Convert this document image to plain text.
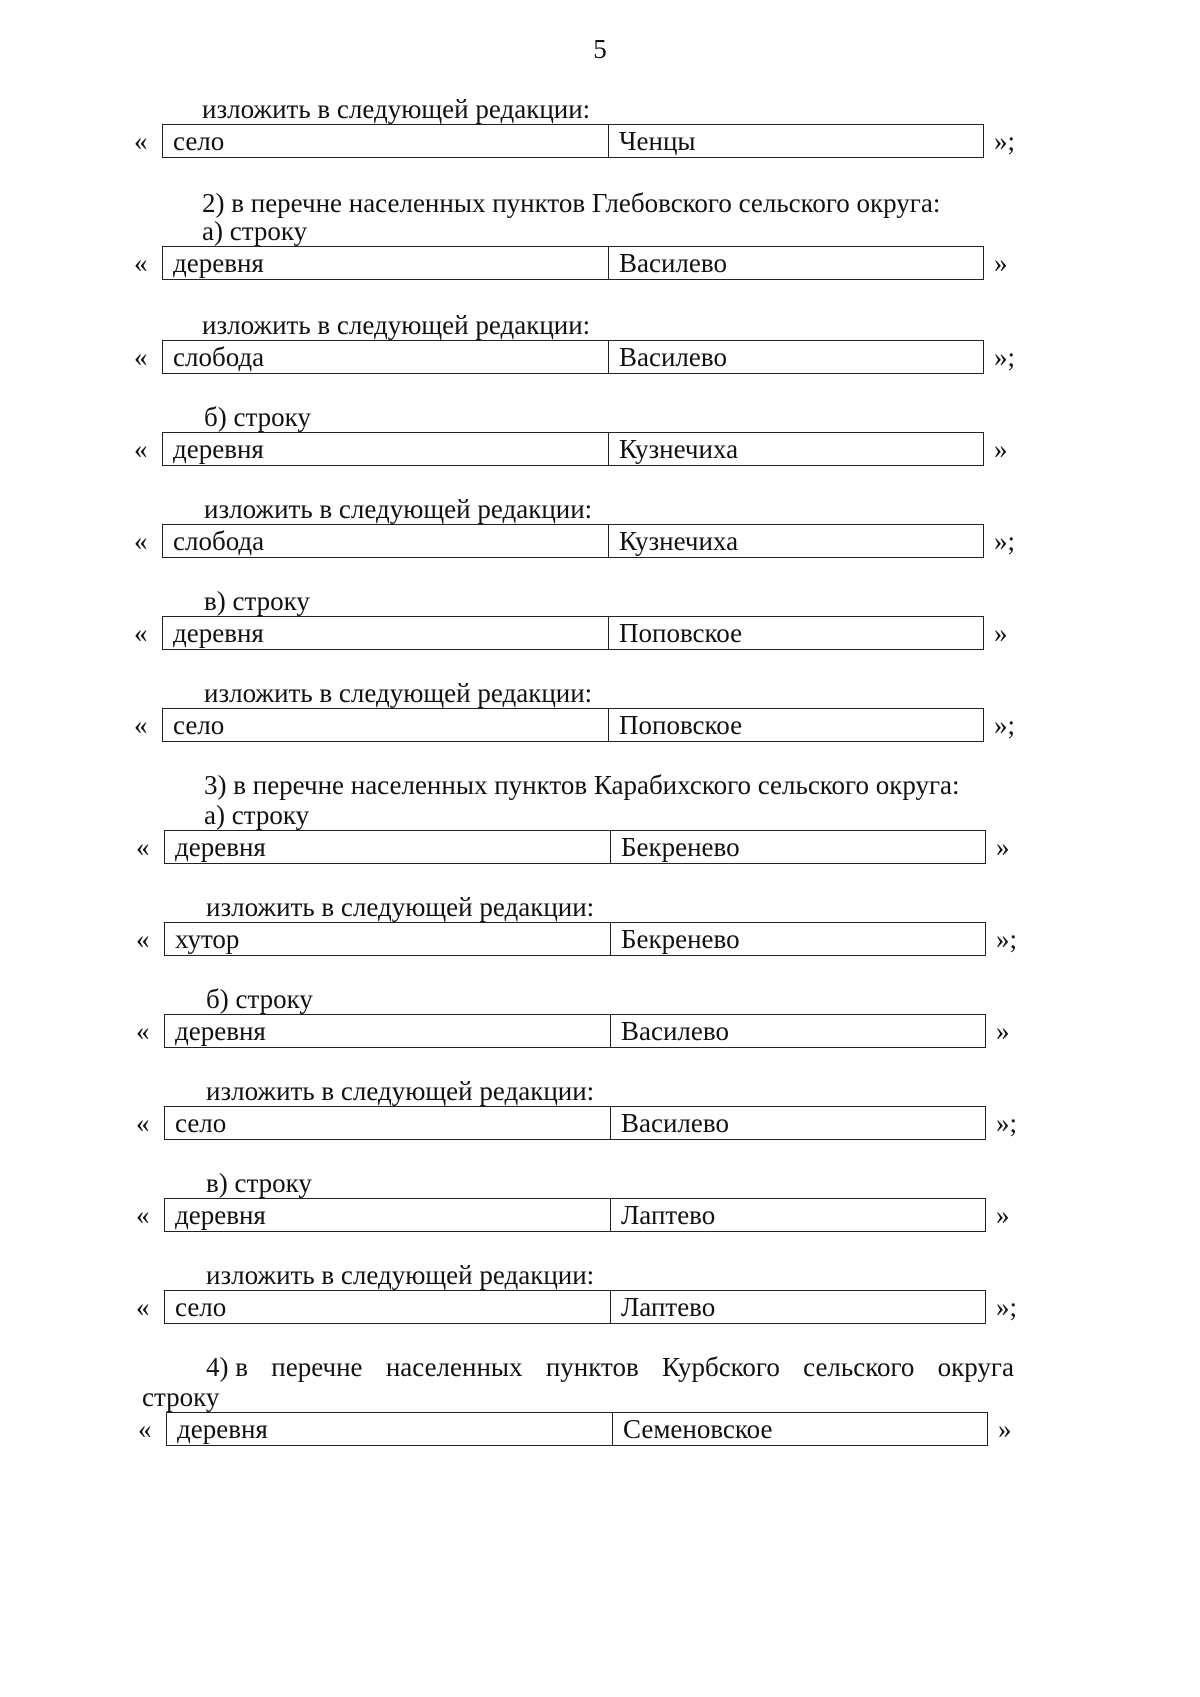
5
изложить в следующей редакции:
« село	Ченцы	»;
2) в перечне населенных пунктов Глебовского сельского округа:
а) строку
« деревня	Василево	»
изложить в следующей редакции:
« слобода	Василево	»;
б) строку
« деревня	Кузнечиха	»
изложить в следующей редакции:
« слобода	Кузнечиха	»;
в) строку
« деревня	Поповское	»
изложить в следующей редакции:
« село	Поповское	»;
3) в перечне населенных пунктов Карабихского сельского округа:
а) строку
« деревня	Бекренево	»
изложить в следующей редакции:
« хутор	Бекренево	»;
б) строку
« деревня	Василево	»
изложить в следующей редакции:
« село	Василево	»;
в) строку
« деревня	Лаптево	»
изложить в следующей редакции:
« село	Лаптево	»;
4) в перечне населенных пунктов Курбского сельского округа
строку
« деревня	Семеновское	»
